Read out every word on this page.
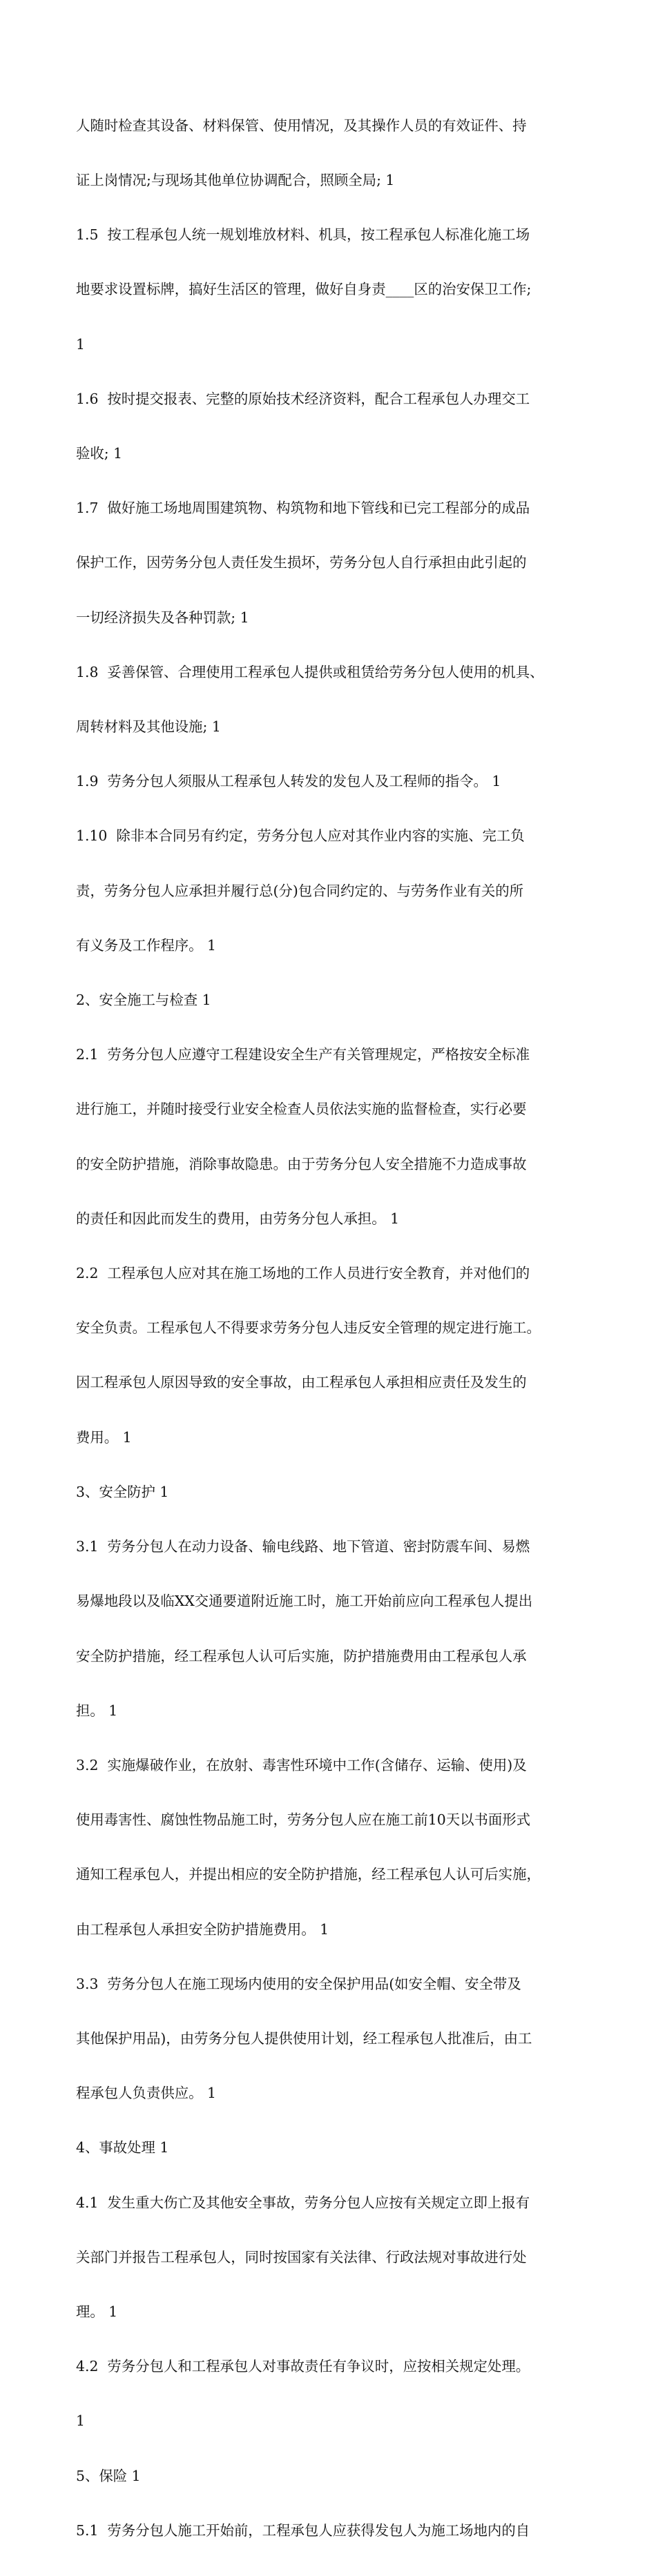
人随时检查其设备、材料保管、使用情况，及其操作人员的有效证件、持

证上岗情况;与现场其他单位协调配合，照顾全局; 1

1.5  按工程承包人统一规划堆放材料、机具，按工程承包人标准化施工场

地要求设置标牌，搞好生活区的管理，做好自身责____区的治安保卫工作;

1

1.6  按时提交报表、完整的原始技术经济资料，配合工程承包人办理交工

验收; 1

1.7  做好施工场地周围建筑物、构筑物和地下管线和已完工程部分的成品

保护工作，因劳务分包人责任发生损坏，劳务分包人自行承担由此引起的

一切经济损失及各种罚款; 1

1.8  妥善保管、合理使用工程承包人提供或租赁给劳务分包人使用的机具、

周转材料及其他设施; 1

1.9  劳务分包人须服从工程承包人转发的发包人及工程师的指令。 1

1.10  除非本合同另有约定，劳务分包人应对其作业内容的实施、完工负

责，劳务分包人应承担并履行总(分)包合同约定的、与劳务作业有关的所

有义务及工作程序。 1

2、安全施工与检查 1

2.1  劳务分包人应遵守工程建设安全生产有关管理规定，严格按安全标准

进行施工，并随时接受行业安全检查人员依法实施的监督检查，实行必要

的安全防护措施，消除事故隐患。由于劳务分包人安全措施不力造成事故

的责任和因此而发生的费用，由劳务分包人承担。 1

2.2  工程承包人应对其在施工场地的工作人员进行安全教育，并对他们的

安全负责。工程承包人不得要求劳务分包人违反安全管理的规定进行施工。

因工程承包人原因导致的安全事故，由工程承包人承担相应责任及发生的

费用。 1

3、安全防护 1

3.1  劳务分包人在动力设备、输电线路、地下管道、密封防震车间、易燃

易爆地段以及临XX交通要道附近施工时，施工开始前应向工程承包人提出

安全防护措施，经工程承包人认可后实施，防护措施费用由工程承包人承

担。 1

3.2  实施爆破作业，在放射、毒害性环境中工作(含储存、运输、使用)及

使用毒害性、腐蚀性物品施工时，劳务分包人应在施工前10天以书面形式

通知工程承包人，并提出相应的安全防护措施，经工程承包人认可后实施，

由工程承包人承担安全防护措施费用。 1

3.3  劳务分包人在施工现场内使用的安全保护用品(如安全帽、安全带及

其他保护用品)，由劳务分包人提供使用计划，经工程承包人批准后，由工

程承包人负责供应。 1

4、事故处理 1

4.1  发生重大伤亡及其他安全事故，劳务分包人应按有关规定立即上报有

关部门并报告工程承包人，同时按国家有关法律、行政法规对事故进行处

理。 1

4.2  劳务分包人和工程承包人对事故责任有争议时，应按相关规定处理。

1

5、保险 1

5.1  劳务分包人施工开始前，工程承包人应获得发包人为施工场地内的自
